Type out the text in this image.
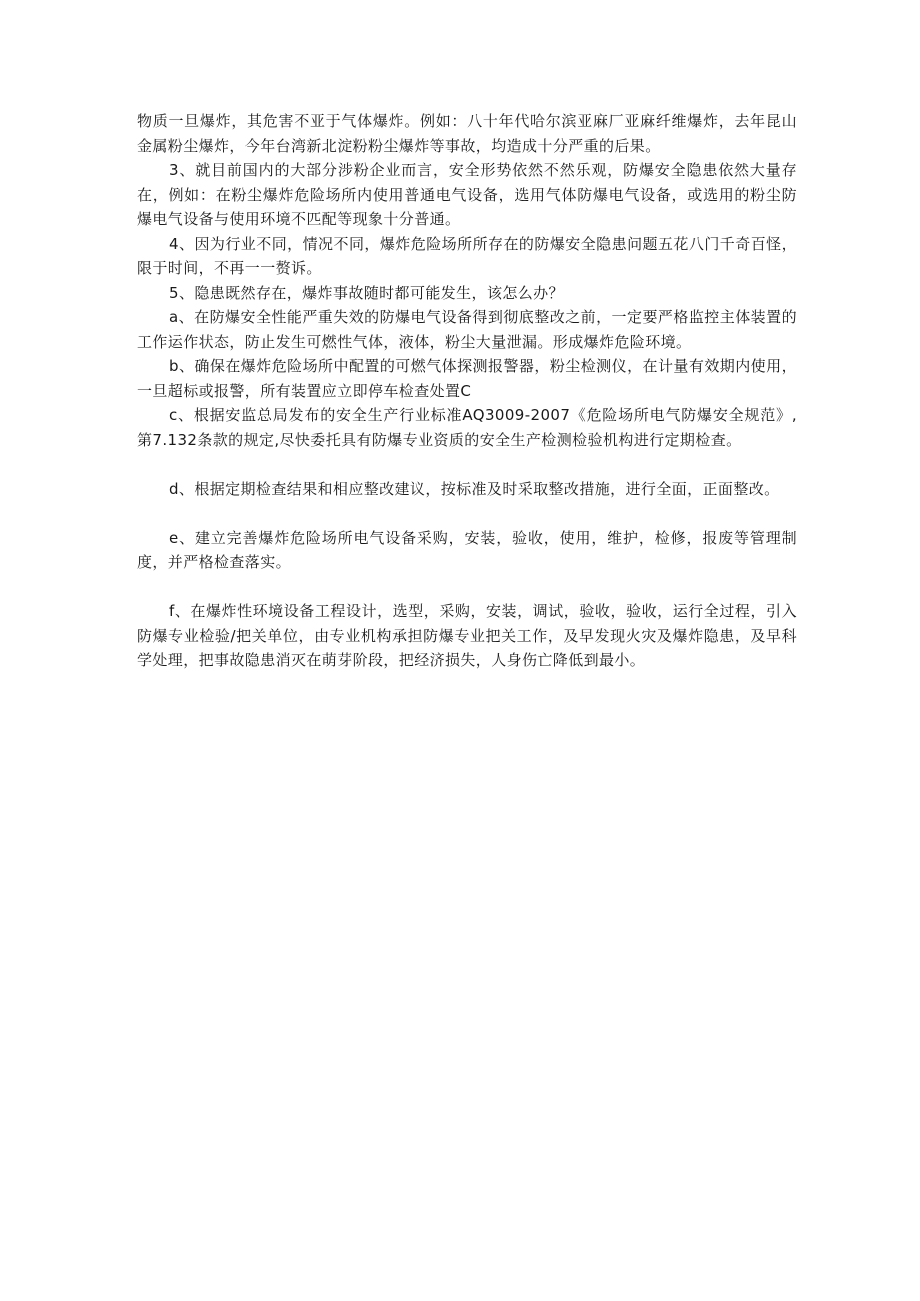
物质一旦爆炸，其危害不亚于气体爆炸。例如：八十年代哈尔滨亚麻厂亚麻纤维爆炸，去年昆山金属粉尘爆炸，今年台湾新北淀粉粉尘爆炸等事故，均造成十分严重的后果。

3、就目前国内的大部分涉粉企业而言，安全形势依然不然乐观，防爆安全隐患依然大量存在，例如：在粉尘爆炸危险场所内使用普通电气设备，选用气体防爆电气设备，或选用的粉尘防爆电气设备与使用环境不匹配等现象十分普通。

4、因为行业不同，情况不同，爆炸危险场所所存在的防爆安全隐患问题五花八门千奇百怪，限于时间，不再一一赘诉。

5、隐患既然存在，爆炸事故随时都可能发生，该怎么办？

a、在防爆安全性能严重失效的防爆电气设备得到彻底整改之前，一定要严格监控主体装置的工作运作状态，防止发生可燃性气体，液体，粉尘大量泄漏。形成爆炸危险环境。

b、确保在爆炸危险场所中配置的可燃气体探测报警器，粉尘检测仪，在计量有效期内使用，一旦超标或报警，所有装置应立即停车检查处置C

c、根据安监总局发布的安全生产行业标准AQ3009-2007《危险场所电气防爆安全规范》,第7.132条款的规定,尽快委托具有防爆专业资质的安全生产检测检验机构进行定期检查。

d、根据定期检查结果和相应整改建议，按标准及时采取整改措施，进行全面，正面整改。

e、建立完善爆炸危险场所电气设备采购，安装，验收，使用，维护，检修，报废等管理制度，并严格检查落实。

f、在爆炸性环境设备工程设计，选型，采购，安装，调试，验收，验收，运行全过程，引入防爆专业检验/把关单位，由专业机构承担防爆专业把关工作，及早发现火灾及爆炸隐患，及早科学处理，把事故隐患消灭在萌芽阶段，把经济损失，人身伤亡降低到最小。
